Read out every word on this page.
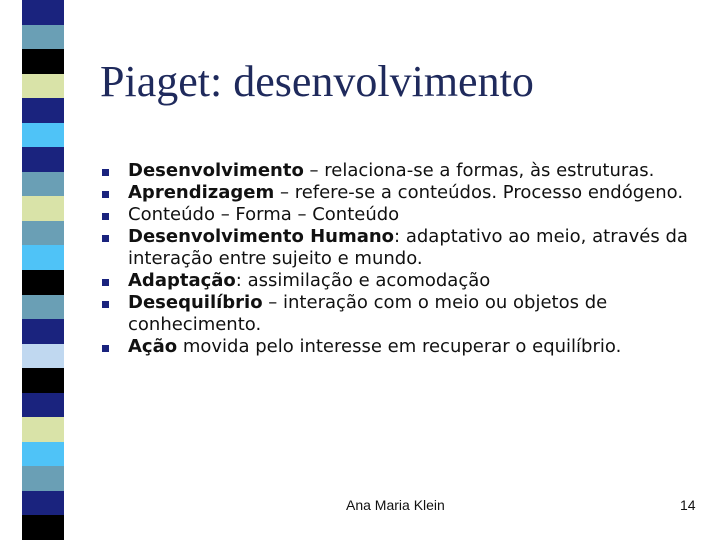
Piaget: desenvolvimento
Desenvolvimento – relaciona-se a formas, às estruturas.
Aprendizagem – refere-se a conteúdos. Processo endógeno.
Conteúdo – Forma – Conteúdo
Desenvolvimento Humano: adaptativo ao meio, através da interação entre sujeito e mundo.
Adaptação: assimilação e acomodação
Desequilíbrio – interação com o meio ou objetos de conhecimento.
Ação movida pelo interesse em recuperar o equilíbrio.
Ana Maria Klein	14
